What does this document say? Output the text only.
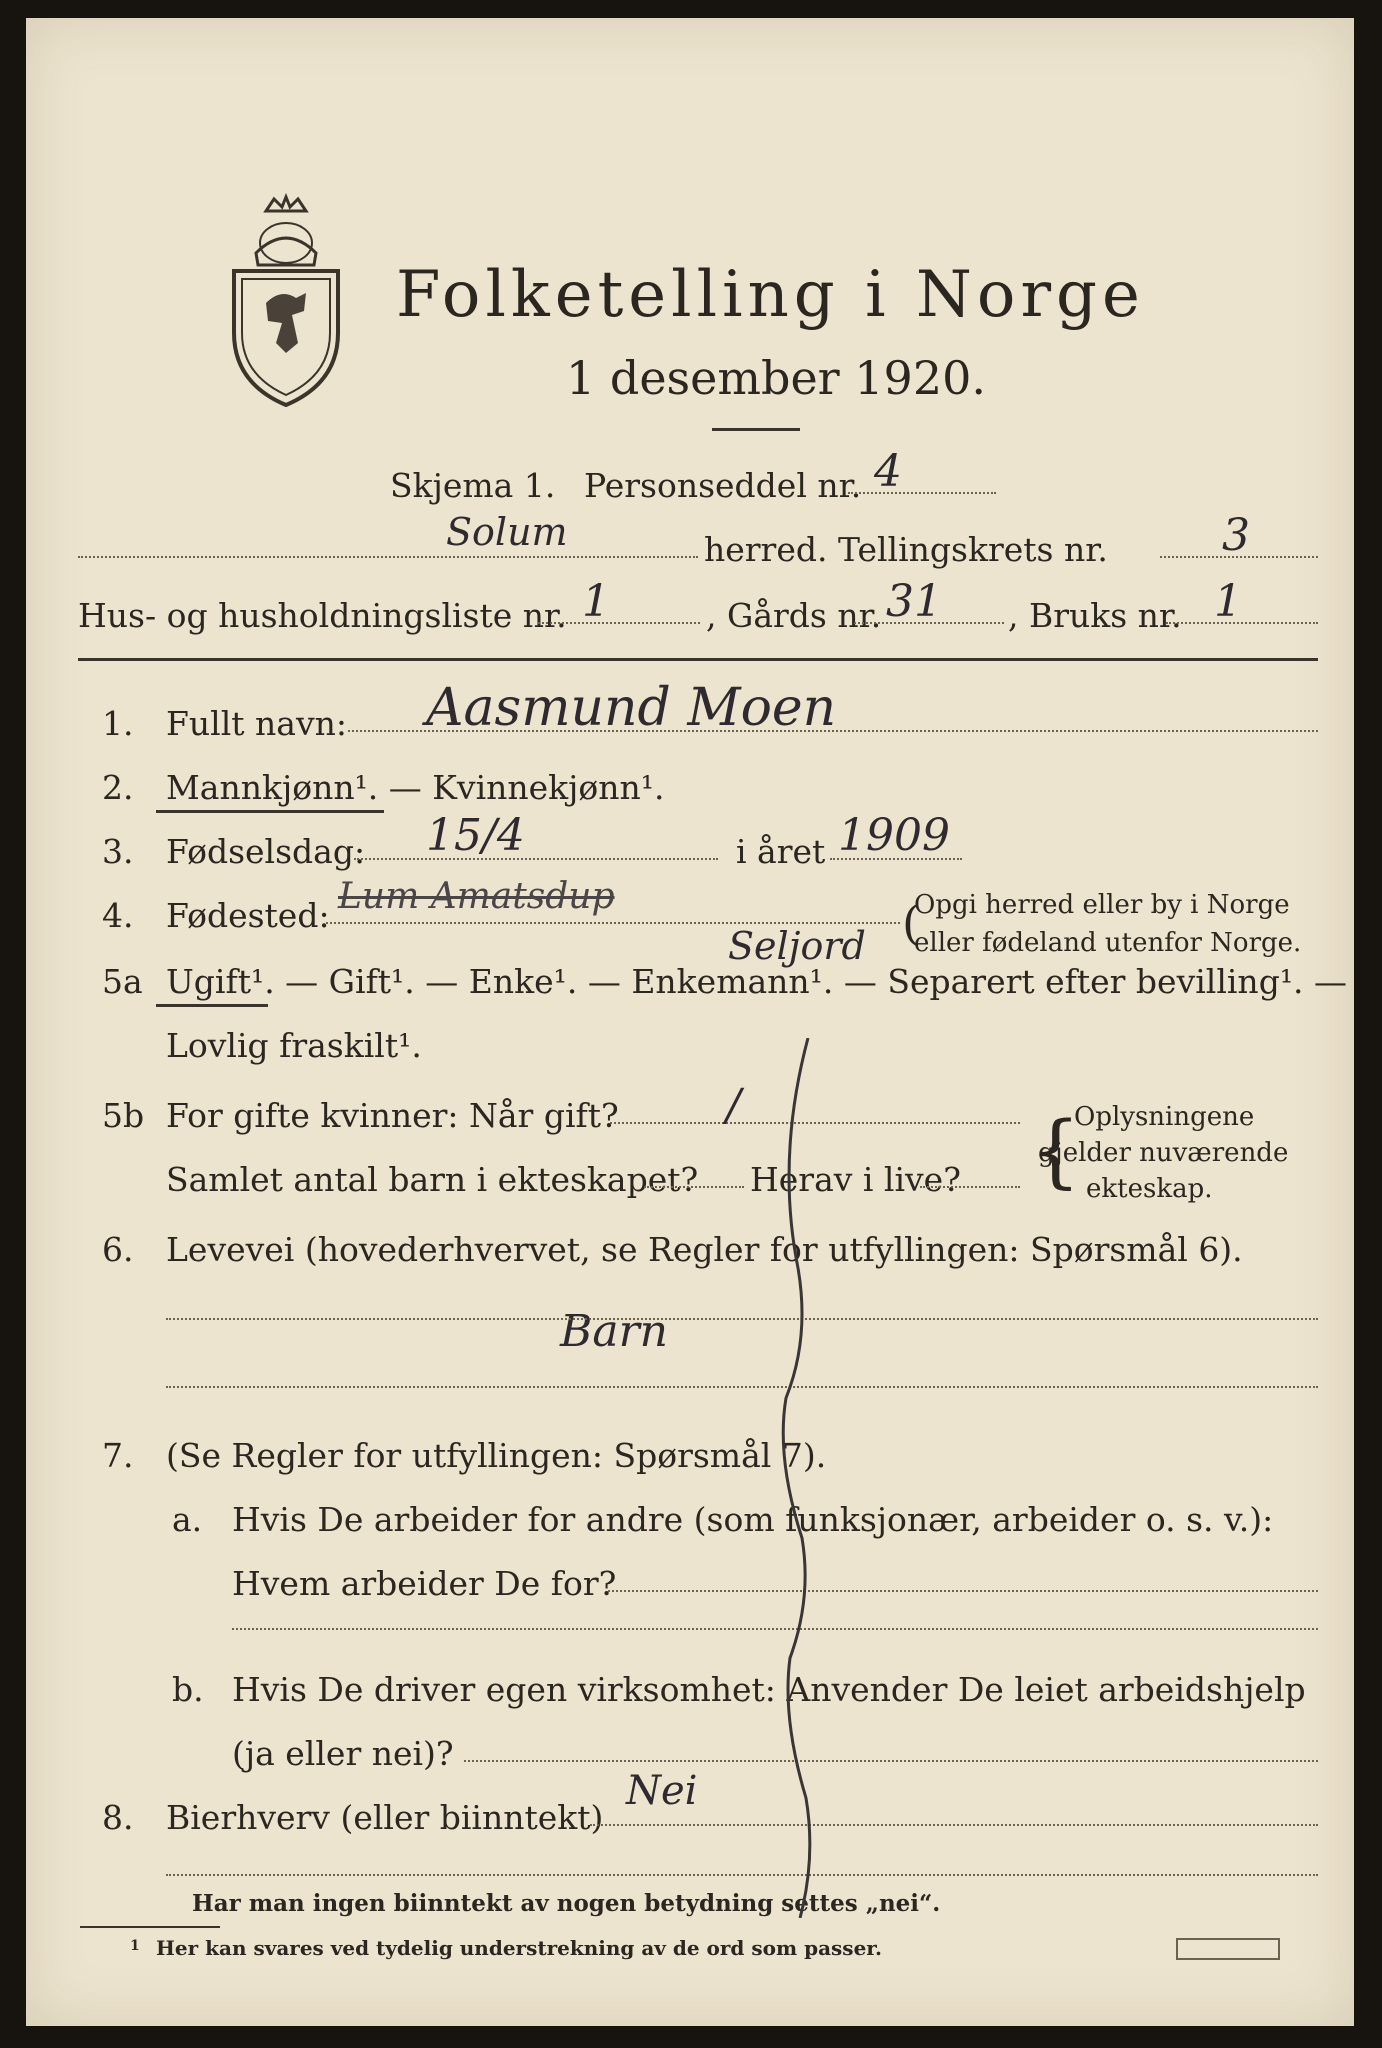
Folketelling i Norge
1 desember 1920.
Skjema 1. Personseddel nr. 4
Solum	herred. Tellingskrets nr.	3
Hus- og husholdningsliste nr. 1	, Gårds nr. 31 , Bruks nr. 1
1. Fullt navn: Aasmund Moen
2. Mannkjønn¹. — Kvinnekjønn¹.
3. Fødselsdag: 15/4	i året 1909
4. Fødested: Lum Amatsdup
Seljord
Opgi herred eller by i Norge
eller fødeland utenfor Norge.
(
5a Ugift¹. — Gift¹. — Enke¹. — Enkemann¹. — Separert efter bevilling¹. —
Lovlig fraskilt¹.
5b For gifte kvinner: Når gift? /
Samlet antal barn i ekteskapet? Herav i live? {
Oplysningene
gjelder nuværende
ekteskap.
6. Levevei (hovederhvervet, se Regler for utfyllingen: Spørsmål 6).
Barn
7. (Se Regler for utfyllingen: Spørsmål 7).
a. Hvis De arbeider for andre (som funksjonær, arbeider o. s. v.):
Hvem arbeider De for?
b. Hvis De driver egen virksomhet: Anvender De leiet arbeidshjelp
(ja eller nei)?
8. Bierhverv (eller biinntekt)
Nei
Har man ingen biinntekt av nogen betydning settes „nei“.
1 Her kan svares ved tydelig understrekning av de ord som passer.
